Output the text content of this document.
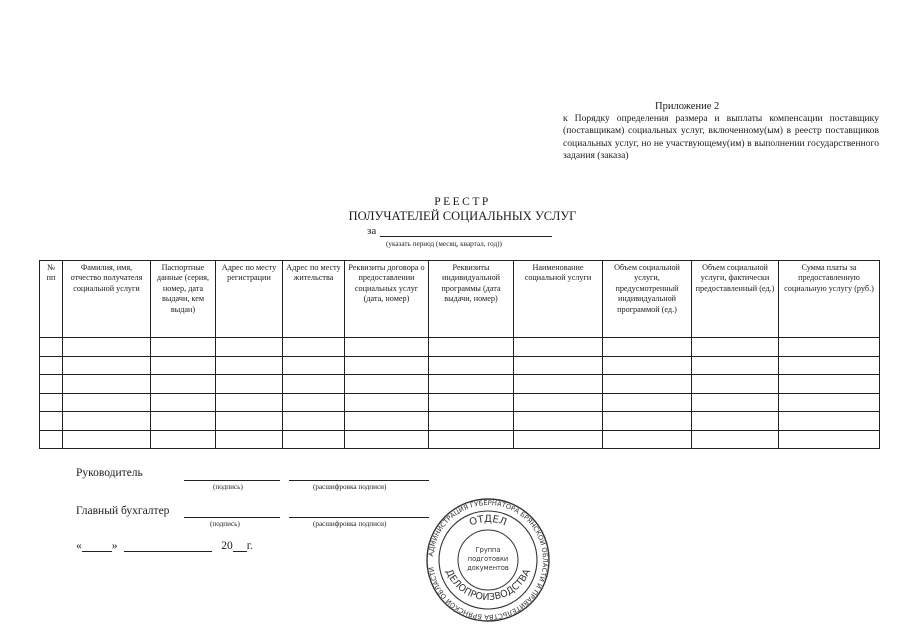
Приложение 2
к Порядку определения размера и выплаты компенсации поставщику (поставщикам) социальных услуг, включенному(ым) в реестр поставщиков социальных услуг, но не участвующему(им) в выполнении государственного задания (заказа)
РЕЕСТР
ПОЛУЧАТЕЛЕЙ СОЦИАЛЬНЫХ УСЛУГ
за
(указать период (месяц, квартал, год))
№ пп	Фамилия, имя, отчество получателя социальной услуги	Паспортные данные (серия, номер, дата выдачи, кем выдан)	Адрес по месту регистрации	Адрес по месту жительства	Реквизиты договора о предоставлении социальных услуг (дата, номер)	Реквизиты индивидуальной программы (дата выдачи, номер)	Наименование социальной услуги	Объем социальной услуги, предусмотренный индивидуальной программой (ед.)	Объем социальной услуги, фактически предоставленный (ед.)	Сумма платы за предоставленную социальную услугу (руб.)

Руководитель
(подпись)	(расшифровка подписи)
Главный бухгалтер
(подпись)	(расшифровка подписи)
«	»	20 г.
АДМИНИСТРАЦИЯ ГУБЕРНАТОРА БРЯНСКОЙ ОБЛАСТИ И ПРАВИТЕЛЬСТВА БРЯНСКОЙ ОБЛАСТИ
ОТДЕЛ
ДЕЛОПРОИЗВОДСТВА
Группа
подготовки
документов
